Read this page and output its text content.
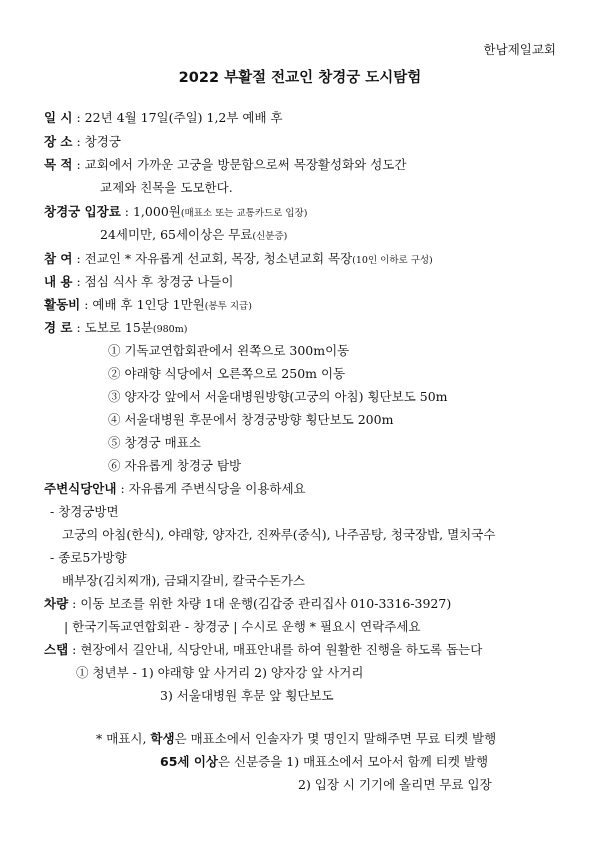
한남제일교회
2022 부활절 전교인 창경궁 도시탐험
일 시 : 22년 4월 17일(주일) 1,2부 예배 후
장 소 : 창경궁
목 적 : 교회에서 가까운 고궁을 방문함으로써 목장활성화와 성도간
교제와 친목을 도모한다.
창경궁 입장료 : 1,000원(매표소 또는 교통카드로 입장)
24세미만, 65세이상은 무료(신분증)
참 여 : 전교인 * 자유롭게 선교회, 목장, 청소년교회 목장(10인 이하로 구성)
내 용 : 점심 식사 후 창경궁 나들이
활동비 : 예배 후 1인당 1만원(봉투 지급)
경 로 : 도보로 15분(980m)
① 기독교연합회관에서 왼쪽으로 300m이동
② 야래향 식당에서 오른쪽으로 250m 이동
③ 양자강 앞에서 서울대병원방향(고궁의 아침) 횡단보도 50m
④ 서울대병원 후문에서 창경궁방향 횡단보도 200m
⑤ 창경궁 매표소
⑥ 자유롭게 창경궁 탐방
주변식당안내 : 자유롭게 주변식당을 이용하세요
- 창경궁방면
고궁의 아침(한식), 야래향, 양자간, 진짜루(중식), 나주곰탕, 청국장밥, 멸치국수
- 종로5가방향
배부장(김치찌개), 금돼지갈비, 칼국수돈가스
차량 : 이동 보조를 위한 차량 1대 운행(김갑중 관리집사 010-3316-3927)
| 한국기독교연합회관 - 창경궁 | 수시로 운행 * 필요시 연락주세요
스탭 : 현장에서 길안내, 식당안내, 매표안내를 하여 원활한 진행을 하도록 돕는다
① 청년부 - 1) 야래향 앞 사거리 2) 양자강 앞 사거리
3) 서울대병원 후문 앞 횡단보도
* 매표시, 학생은 매표소에서 인솔자가 몇 명인지 말해주면 무료 티켓 발행
65세 이상은 신분증을 1) 매표소에서 모아서 함께 티켓 발행
2) 입장 시 기기에 올리면 무료 입장
